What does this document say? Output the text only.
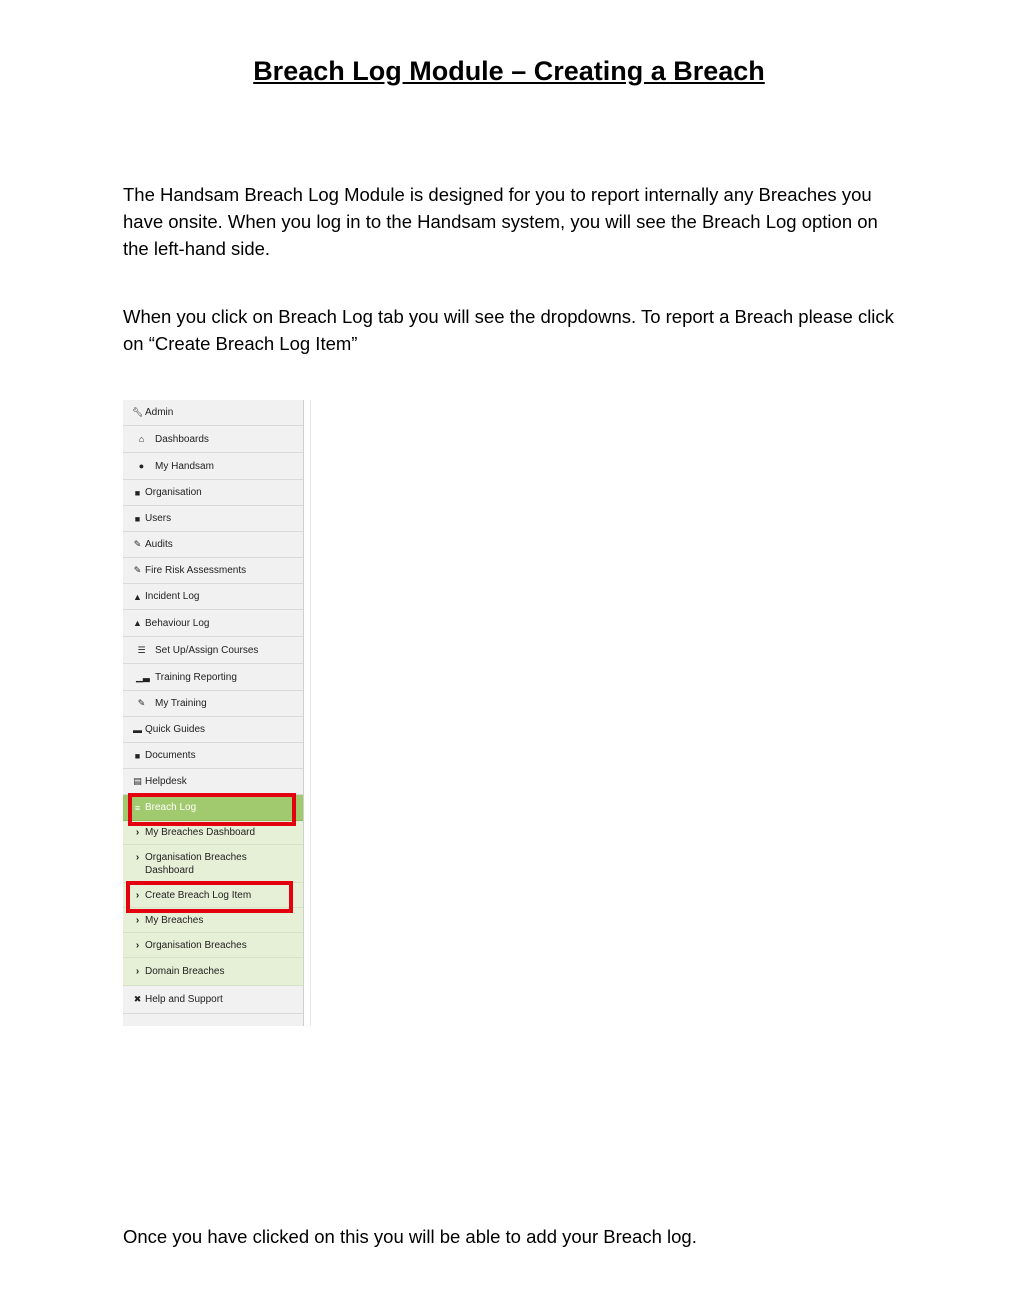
Breach Log Module – Creating a Breach

The Handsam Breach Log Module is designed for you to report internally any Breaches you have onsite. When you log in to the Handsam system, you will see the Breach Log option on the left-hand side.

When you click on Breach Log tab you will see the dropdowns. To report a Breach please click on “Create Breach Log Item”

🔧︎ Admin
⌂ Dashboards
● My Handsam
■ Organisation
■ Users
✎ Audits
✎ Fire Risk Assessments
▲ Incident Log
▲ Behaviour Log
☰ Set Up/Assign Courses
▁▃ Training Reporting
✎ My Training
▬ Quick Guides
■ Documents
▤ Helpdesk
≡ Breach Log
› My Breaches Dashboard
› Organisation Breaches Dashboard
› Create Breach Log Item
› My Breaches
› Organisation Breaches
› Domain Breaches
✖ Help and Support

Once you have clicked on this you will be able to add your Breach log.
